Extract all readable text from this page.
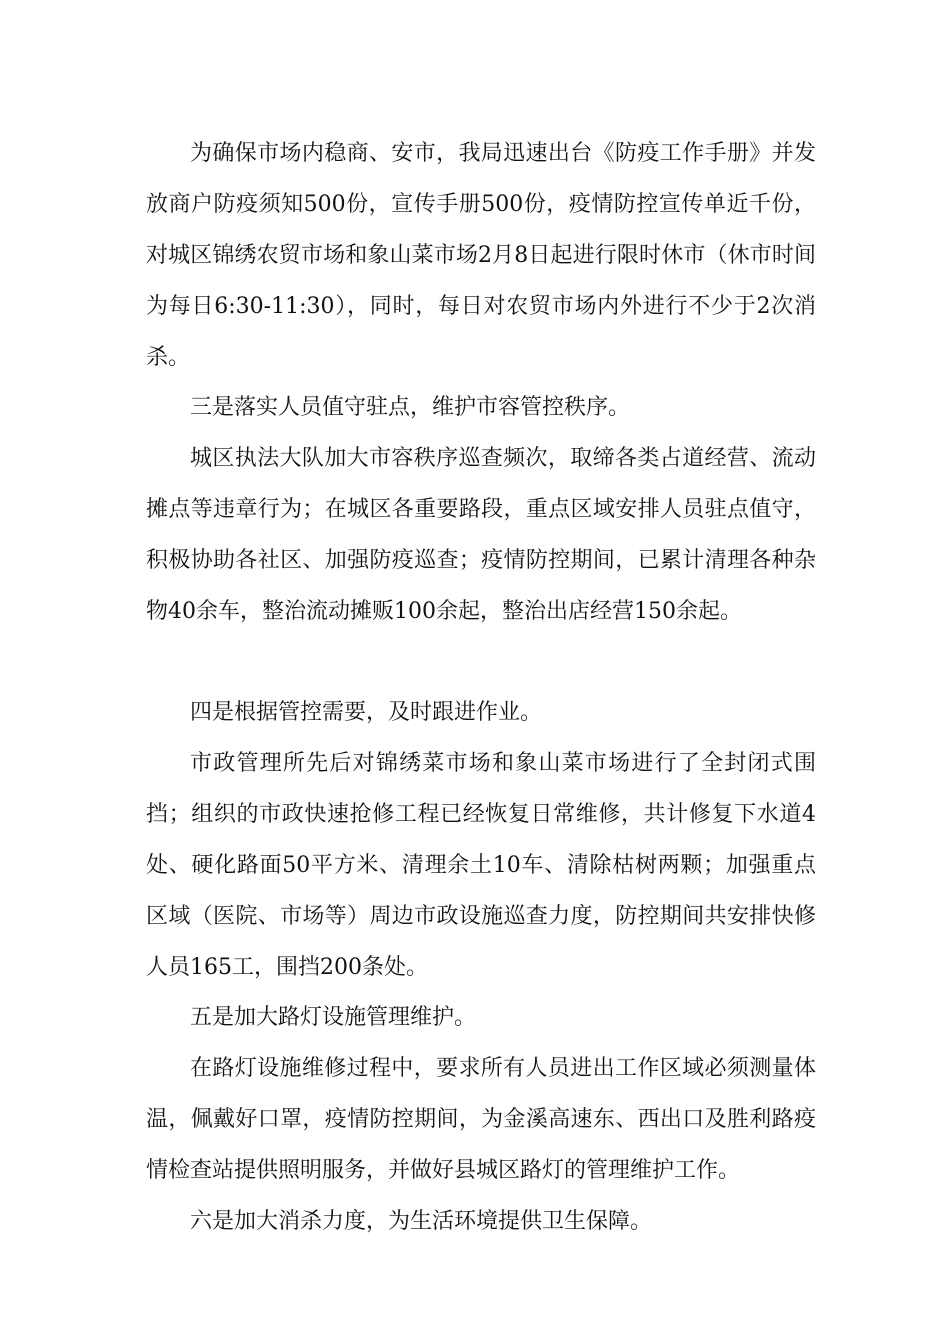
为确保市场内稳商、安市，我局迅速出台《防疫工作手册》并发放商户防疫须知500份，宣传手册500份，疫情防控宣传单近千份，对城区锦绣农贸市场和象山菜市场2月8日起进行限时休市（休市时间为每日6:30-11:30），同时，每日对农贸市场内外进行不少于2次消杀。

三是落实人员值守驻点，维护市容管控秩序。

城区执法大队加大市容秩序巡查频次，取缔各类占道经营、流动摊点等违章行为；在城区各重要路段，重点区域安排人员驻点值守，积极协助各社区、加强防疫巡查；疫情防控期间，已累计清理各种杂物40余车，整治流动摊贩100余起，整治出店经营150余起。

四是根据管控需要，及时跟进作业。

市政管理所先后对锦绣菜市场和象山菜市场进行了全封闭式围挡；组织的市政快速抢修工程已经恢复日常维修，共计修复下水道4处、硬化路面50平方米、清理余土10车、清除枯树两颗；加强重点区域（医院、市场等）周边市政设施巡查力度，防控期间共安排快修人员165工，围挡200条处。

五是加大路灯设施管理维护。

在路灯设施维修过程中，要求所有人员进出工作区域必须测量体温，佩戴好口罩，疫情防控期间，为金溪高速东、西出口及胜利路疫情检查站提供照明服务，并做好县城区路灯的管理维护工作。

六是加大消杀力度，为生活环境提供卫生保障。
